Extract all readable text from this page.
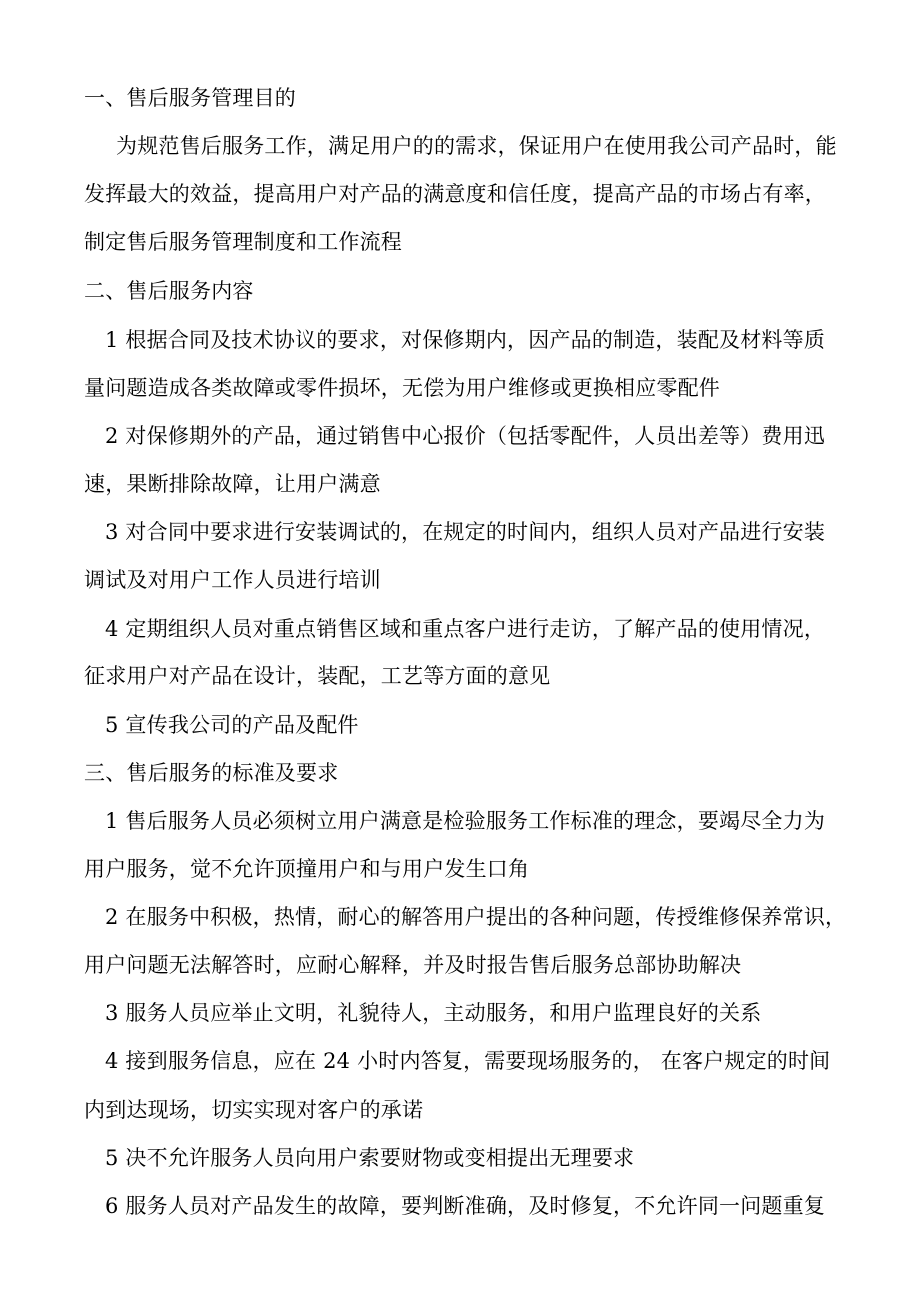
一、售后服务管理目的
为规范售后服务工作，满足用户的的需求，保证用户在使用我公司产品时，能
发挥最大的效益，提高用户对产品的满意度和信任度，提高产品的市场占有率，
制定售后服务管理制度和工作流程
二、售后服务内容
1 根据合同及技术协议的要求，对保修期内，因产品的制造，装配及材料等质
量问题造成各类故障或零件损坏，无偿为用户维修或更换相应零配件
2 对保修期外的产品，通过销售中心报价（包括零配件，人员出差等）费用迅
速，果断排除故障，让用户满意
3 对合同中要求进行安装调试的，在规定的时间内，组织人员对产品进行安装
调试及对用户工作人员进行培训
4 定期组织人员对重点销售区域和重点客户进行走访，了解产品的使用情况，
征求用户对产品在设计，装配，工艺等方面的意见
5 宣传我公司的产品及配件
三、售后服务的标准及要求
1 售后服务人员必须树立用户满意是检验服务工作标准的理念，要竭尽全力为
用户服务，觉不允许顶撞用户和与用户发生口角
2 在服务中积极，热情，耐心的解答用户提出的各种问题，传授维修保养常识，
用户问题无法解答时，应耐心解释，并及时报告售后服务总部协助解决
3 服务人员应举止文明，礼貌待人，主动服务，和用户监理良好的关系
4 接到服务信息，应在 24 小时内答复，需要现场服务的， 在客户规定的时间
内到达现场，切实实现对客户的承诺
5 决不允许服务人员向用户索要财物或变相提出无理要求
6 服务人员对产品发生的故障，要判断准确，及时修复，不允许同一问题重复
